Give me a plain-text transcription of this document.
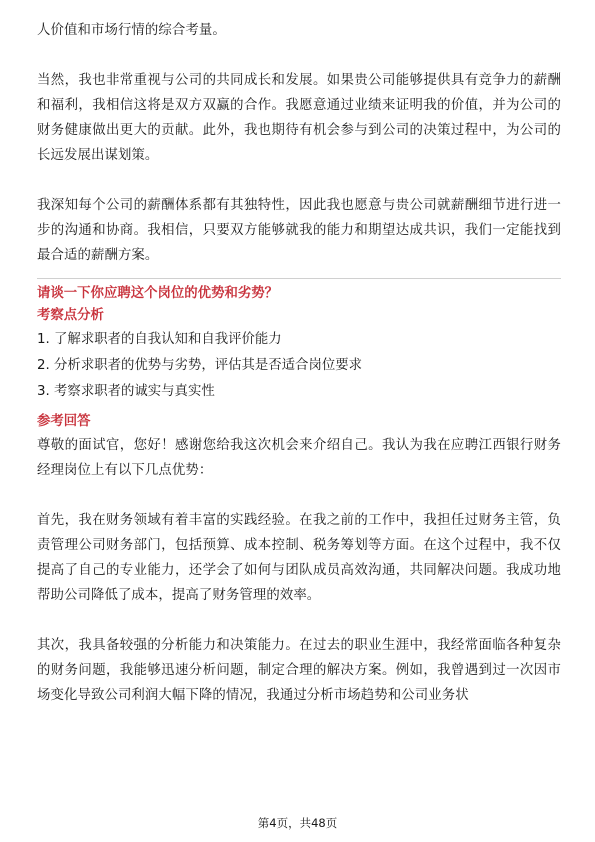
人价值和市场行情的综合考量。

当然，我也非常重视与公司的共同成长和发展。如果贵公司能够提供具有竞争力的薪酬和福利，我相信这将是双方双赢的合作。我愿意通过业绩来证明我的价值，并为公司的财务健康做出更大的贡献。此外，我也期待有机会参与到公司的决策过程中，为公司的长远发展出谋划策。

我深知每个公司的薪酬体系都有其独特性，因此我也愿意与贵公司就薪酬细节进行进一步的沟通和协商。我相信，只要双方能够就我的能力和期望达成共识，我们一定能找到最合适的薪酬方案。

请谈一下你应聘这个岗位的优势和劣势？

考察点分析

1. 了解求职者的自我认知和自我评价能力

2. 分析求职者的优势与劣势，评估其是否适合岗位要求

3. 考察求职者的诚实与真实性

参考回答

尊敬的面试官，您好！感谢您给我这次机会来介绍自己。我认为我在应聘江西银行财务经理岗位上有以下几点优势：

首先，我在财务领域有着丰富的实践经验。在我之前的工作中，我担任过财务主管，负责管理公司财务部门，包括预算、成本控制、税务筹划等方面。在这个过程中，我不仅提高了自己的专业能力，还学会了如何与团队成员高效沟通，共同解决问题。我成功地帮助公司降低了成本，提高了财务管理的效率。

其次，我具备较强的分析能力和决策能力。在过去的职业生涯中，我经常面临各种复杂的财务问题，我能够迅速分析问题，制定合理的解决方案。例如，我曾遇到过一次因市场变化导致公司利润大幅下降的情况，我通过分析市场趋势和公司业务状

第4页，共48页
